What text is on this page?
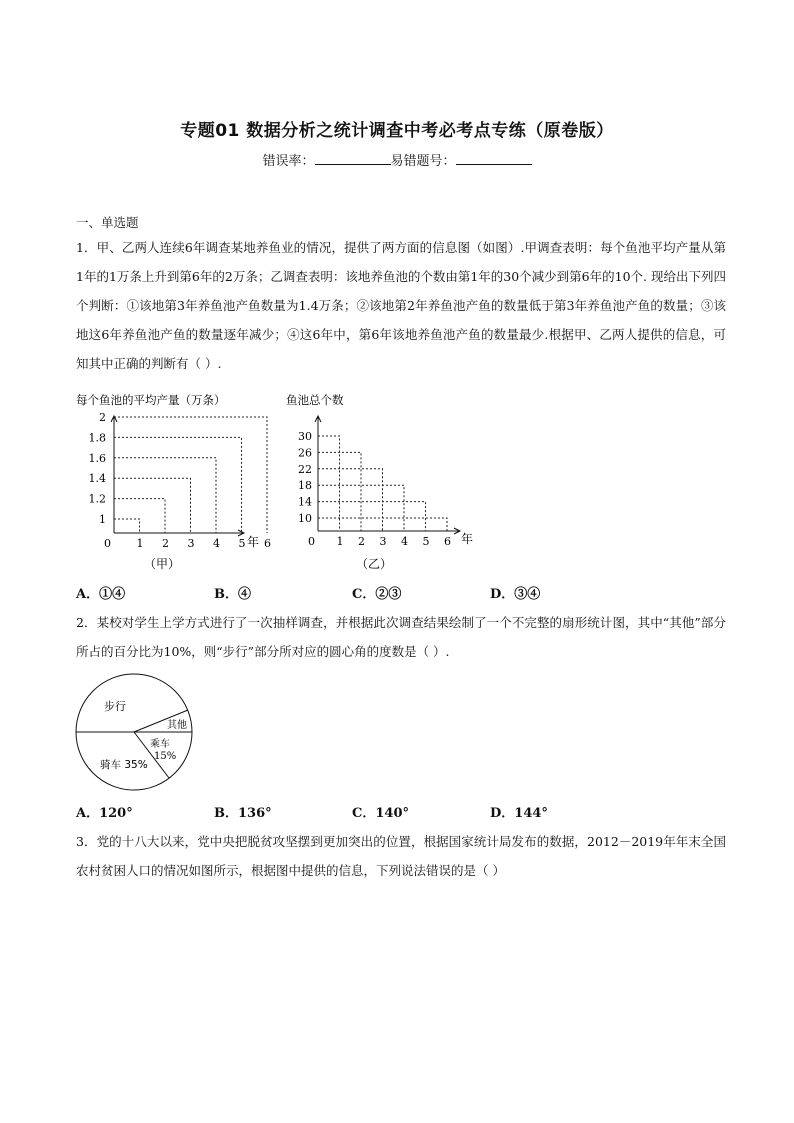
专题01 数据分析之统计调查中考必考点专练（原卷版）
错误率：	易错题号：
一、单选题
1．甲、乙两人连续6年调查某地养鱼业的情况，提供了两方面的信息图（如图）.甲调查表明：每个鱼池平均产量从第1年的1万条上升到第6年的2万条；乙调查表明：该地养鱼池的个数由第1年的30个减少到第6年的10个. 现给出下列四个判断：①该地第3年养鱼池产鱼数量为1.4万条；②该地第2年养鱼池产鱼的数量低于第3年养鱼池产鱼的数量；③该地这6年养鱼池产鱼的数量逐年减少；④这6年中，第6年该地养鱼池产鱼的数量最少.根据甲、乙两人提供的信息，可知其中正确的判断有（ ）.
每个鱼池的平均产量（万条）
0 1 2 3 4 5 6
1
1.2
1.4
1.6
1.8
2
年
（甲）
鱼池总个数
0 1 2 3 4 5 6
30
26
22
18
14
10
年
（乙）
A．①④	B．④	C．②③	D．③④
2．某校对学生上学方式进行了一次抽样调查，并根据此次调查结果绘制了一个不完整的扇形统计图，其中“其他”部分所占的百分比为10%，则“步行”部分所对应的圆心角的度数是（ ）.
步行
其他
乘车
15%
骑车 35%
A．120°	B．136°	C．140°	D．144°
3．党的十八大以来，党中央把脱贫攻坚摆到更加突出的位置，根据国家统计局发布的数据，2012－2019年年末全国农村贫困人口的情况如图所示，根据图中提供的信息，下列说法错误的是（ ）
